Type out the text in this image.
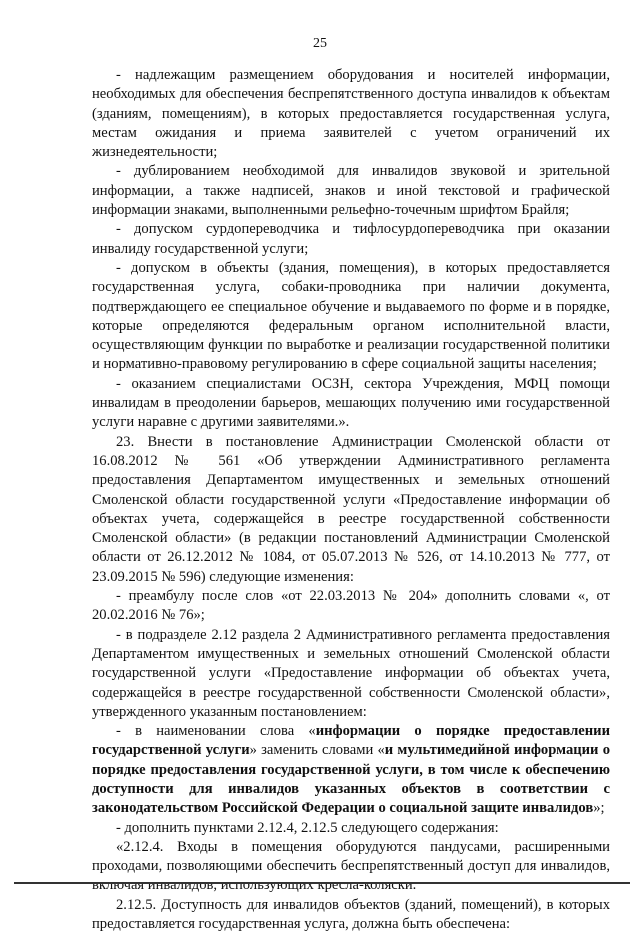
25

- надлежащим размещением оборудования и носителей информации, необходимых для обеспечения беспрепятственного доступа инвалидов к объектам (зданиям, помещениям), в которых предоставляется государственная услуга, местам ожидания и приема заявителей с учетом ограничений их жизнедеятельности;

- дублированием необходимой для инвалидов звуковой и зрительной информации, а также надписей, знаков и иной текстовой и графической информации знаками, выполненными рельефно-точечным шрифтом Брайля;

- допуском сурдопереводчика и тифлосурдопереводчика при оказании инвалиду государственной услуги;

- допуском в объекты (здания, помещения), в которых предоставляется государственная услуга, собаки-проводника при наличии документа, подтверждающего ее специальное обучение и выдаваемого по форме и в порядке, которые определяются федеральным органом исполнительной власти, осуществляющим функции по выработке и реализации государственной политики и нормативно-правовому регулированию в сфере социальной защиты населения;

- оказанием специалистами ОСЗН, сектора Учреждения, МФЦ помощи инвалидам в преодолении барьеров, мешающих получению ими государственной услуги наравне с другими заявителями.».

23. Внести в постановление Администрации Смоленской области от 16.08.2012 № 561 «Об утверждении Административного регламента предоставления Департаментом имущественных и земельных отношений Смоленской области государственной услуги «Предоставление информации об объектах учета, содержащейся в реестре государственной собственности Смоленской области» (в редакции постановлений Администрации Смоленской области от 26.12.2012 № 1084, от 05.07.2013 № 526, от 14.10.2013 № 777, от 23.09.2015 № 596) следующие изменения:

- преамбулу после слов «от 22.03.2013 № 204» дополнить словами «, от 20.02.2016 № 76»;

- в подразделе 2.12 раздела 2 Административного регламента предоставления Департаментом имущественных и земельных отношений Смоленской области государственной услуги «Предоставление информации об объектах учета, содержащейся в реестре государственной собственности Смоленской области», утвержденного указанным постановлением:

- в наименовании слова «информации о порядке предоставлении государственной услуги» заменить словами «и мультимедийной информации о порядке предоставления государственной услуги, в том числе к обеспечению доступности для инвалидов указанных объектов в соответствии с законодательством Российской Федерации о социальной защите инвалидов»;

- дополнить пунктами 2.12.4, 2.12.5 следующего содержания:

«2.12.4. Входы в помещения оборудуются пандусами, расширенными проходами, позволяющими обеспечить беспрепятственный доступ для инвалидов, включая инвалидов, использующих кресла-коляски.

2.12.5. Доступность для инвалидов объектов (зданий, помещений), в которых предоставляется государственная услуга, должна быть обеспечена:
